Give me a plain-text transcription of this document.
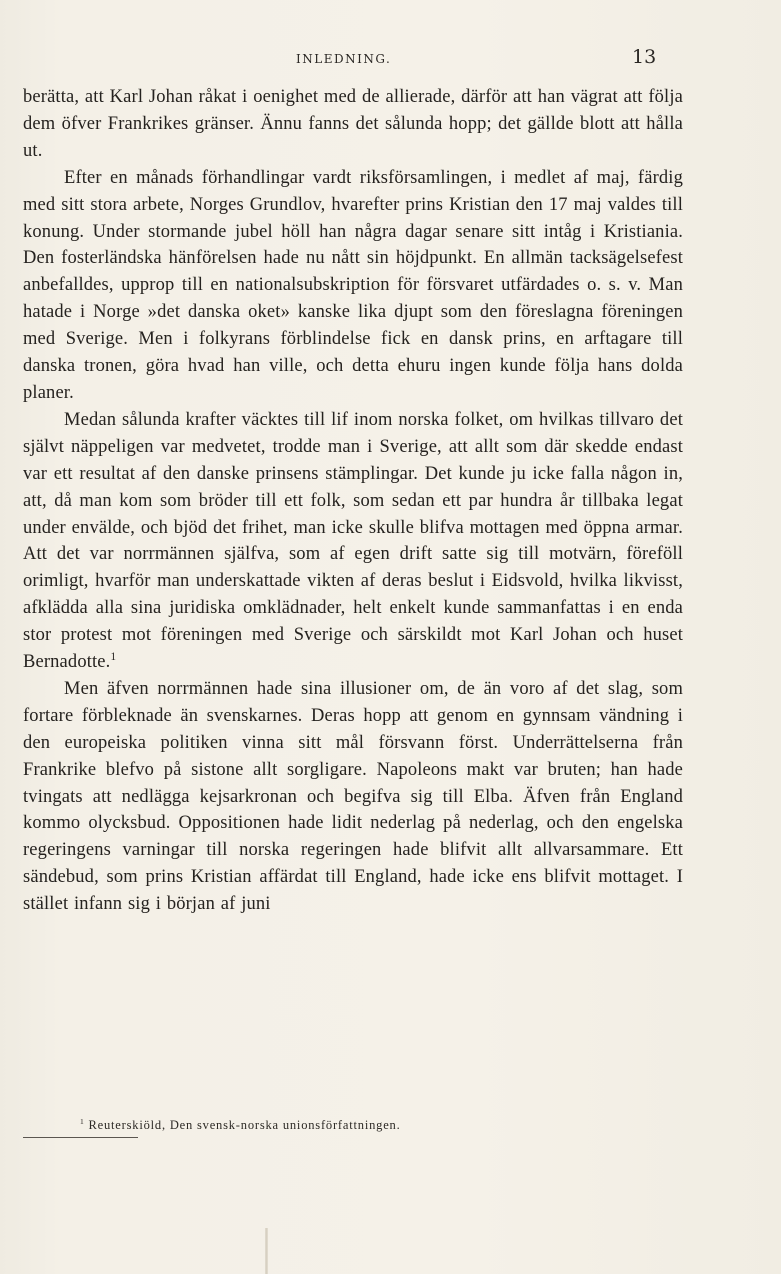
INLEDNING.	13

berätta, att Karl Johan råkat i oenighet med de allierade, därför att han vägrat att följa dem öfver Frankrikes gränser. Ännu fanns det sålunda hopp; det gällde blott att hålla ut.

Efter en månads förhandlingar vardt riksförsamlingen, i medlet af maj, färdig med sitt stora arbete, Norges Grundlov, hvarefter prins Kristian den 17 maj valdes till konung. Under stormande jubel höll han några dagar senare sitt intåg i Kristiania. Den fosterländska hänförelsen hade nu nått sin höjdpunkt. En allmän tacksägelsefest anbefalldes, upprop till en nationalsubskription för försvaret utfärdades o. s. v. Man hatade i Norge »det danska oket» kanske lika djupt som den föreslagna föreningen med Sverige. Men i folkyrans förblindelse fick en dansk prins, en arftagare till danska tronen, göra hvad han ville, och detta ehuru ingen kunde följa hans dolda planer.

Medan sålunda krafter väcktes till lif inom norska folket, om hvilkas tillvaro det självt näppeligen var medvetet, trodde man i Sverige, att allt som där skedde endast var ett resultat af den danske prinsens stämplingar. Det kunde ju icke falla någon in, att, då man kom som bröder till ett folk, som sedan ett par hundra år tillbaka legat under envälde, och bjöd det frihet, man icke skulle blifva mottagen med öppna armar. Att det var norrmännen själfva, som af egen drift satte sig till motvärn, föreföll orimligt, hvarför man underskattade vikten af deras beslut i Eidsvold, hvilka likvisst, afklädda alla sina juridiska omklädnader, helt enkelt kunde sammanfattas i en enda stor protest mot föreningen med Sverige och särskildt mot Karl Johan och huset Bernadotte.$^1$

Men äfven norrmännen hade sina illusioner om, de än voro af det slag, som fortare förbleknade än svenskarnes. Deras hopp att genom en gynnsam vändning i den europeiska politiken vinna sitt mål försvann först. Underrättelserna från Frankrike blefvo på sistone allt sorgligare. Napoleons makt var bruten; han hade tvingats att nedlägga kejsarkronan och begifva sig till Elba. Äfven från England kommo olycksbud. Oppositionen hade lidit nederlag på nederlag, och den engelska regeringens varningar till norska regeringen hade blifvit allt allvarsammare. Ett sändebud, som prins Kristian affärdat till England, hade icke ens blifvit mottaget. I stället infann sig i början af juni

$^1$ Reuterskiöld, Den svensk-norska unionsförfattningen.
